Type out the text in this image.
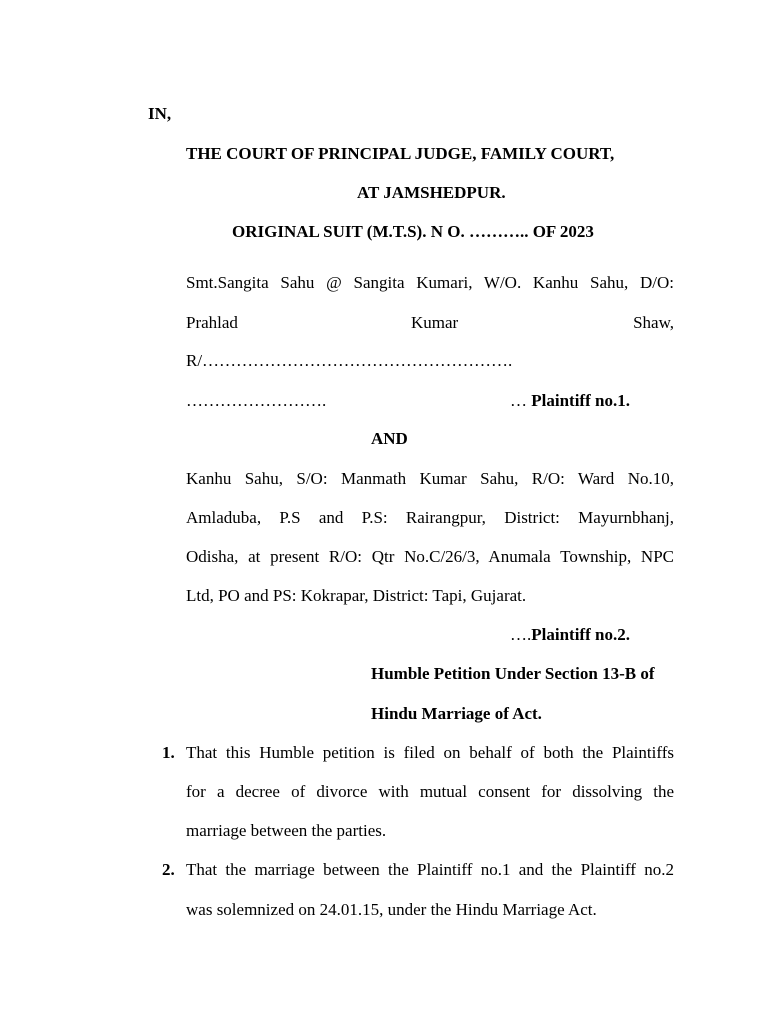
IN,
THE COURT OF PRINCIPAL JUDGE, FAMILY COURT,
AT JAMSHEDPUR.
ORIGINAL SUIT (M.T.S). N O. ……….. OF 2023
Smt.Sangita Sahu @ Sangita Kumari, W/O. Kanhu Sahu, D/O:
Prahlad	Kumar	Shaw,
R/……………………………………………….
…………………….	… Plaintiff no.1.
AND
Kanhu Sahu, S/O: Manmath Kumar Sahu, R/O: Ward No.10,
Amladuba, P.S and P.S: Rairangpur, District: Mayurnbhanj,
Odisha, at present R/O: Qtr No.C/26/3, Anumala Township, NPC
Ltd, PO and PS: Kokrapar, District: Tapi, Gujarat.
….Plaintiff no.2.
Humble Petition Under Section 13-B of
Hindu Marriage of Act.
1. That this Humble petition is filed on behalf of both the Plaintiffs
for a decree of divorce with mutual consent for dissolving the
marriage between the parties.
2. That the marriage between the Plaintiff no.1 and the Plaintiff no.2
was solemnized on 24.01.15, under the Hindu Marriage Act.
